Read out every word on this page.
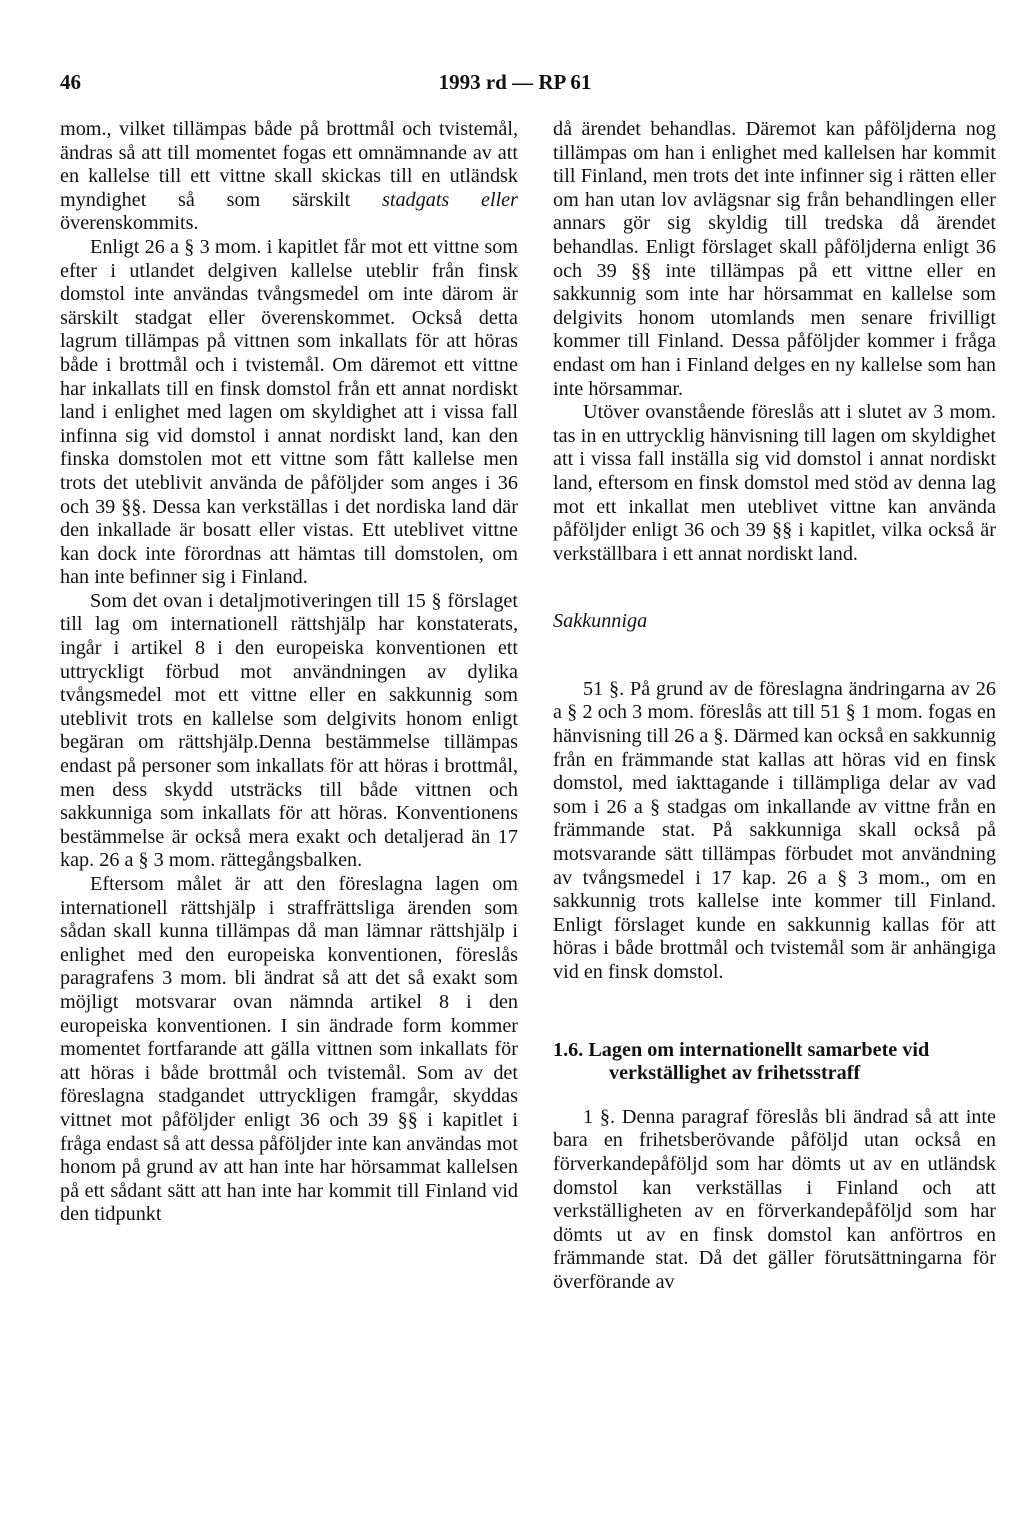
46	1993 rd — RP 61

mom., vilket tillämpas både på brottmål och tvistemål, ändras så att till momentet fogas ett omnämnande av att en kallelse till ett vittne skall skickas till en utländsk myndighet så som särskilt stadgats eller överenskommits.

Enligt 26 a § 3 mom. i kapitlet får mot ett vittne som efter i utlandet delgiven kallelse uteblir från finsk domstol inte användas tvångsmedel om inte därom är särskilt stadgat eller överenskommet. Också detta lagrum tillämpas på vittnen som inkallats för att höras både i brottmål och i tvistemål. Om däremot ett vittne har inkallats till en finsk domstol från ett annat nordiskt land i enlighet med lagen om skyldighet att i vissa fall infinna sig vid domstol i annat nordiskt land, kan den finska domstolen mot ett vittne som fått kallelse men trots det uteblivit använda de påföljder som anges i 36 och 39 §§. Dessa kan verkställas i det nordiska land där den inkallade är bosatt eller vistas. Ett uteblivet vittne kan dock inte förordnas att hämtas till domstolen, om han inte befinner sig i Finland.

Som det ovan i detaljmotiveringen till 15 § förslaget till lag om internationell rättshjälp har konstaterats, ingår i artikel 8 i den europeiska konventionen ett uttryckligt förbud mot användningen av dylika tvångsmedel mot ett vittne eller en sakkunnig som uteblivit trots en kallelse som delgivits honom enligt begäran om rättshjälp.Denna bestämmelse tillämpas endast på personer som inkallats för att höras i brottmål, men dess skydd utsträcks till både vittnen och sakkunniga som inkallats för att höras. Konventionens bestämmelse är också mera exakt och detaljerad än 17 kap. 26 a § 3 mom. rättegångsbalken.

Eftersom målet är att den föreslagna lagen om internationell rättshjälp i straffrättsliga ärenden som sådan skall kunna tillämpas då man lämnar rättshjälp i enlighet med den europeiska konventionen, föreslås paragrafens 3 mom. bli ändrat så att det så exakt som möjligt motsvarar ovan nämnda artikel 8 i den europeiska konventionen. I sin ändrade form kommer momentet fortfarande att gälla vittnen som inkallats för att höras i både brottmål och tvistemål. Som av det föreslagna stadgandet uttryckligen framgår, skyddas vittnet mot påföljder enligt 36 och 39 §§ i kapitlet i fråga endast så att dessa påföljder inte kan användas mot honom på grund av att han inte har hörsammat kallelsen på ett sådant sätt att han inte har kommit till Finland vid den tidpunkt

då ärendet behandlas. Däremot kan påföljderna nog tillämpas om han i enlighet med kallelsen har kommit till Finland, men trots det inte infinner sig i rätten eller om han utan lov avlägsnar sig från behandlingen eller annars gör sig skyldig till tredska då ärendet behandlas. Enligt förslaget skall påföljderna enligt 36 och 39 §§ inte tillämpas på ett vittne eller en sakkunnig som inte har hörsammat en kallelse som delgivits honom utomlands men senare frivilligt kommer till Finland. Dessa påföljder kommer i fråga endast om han i Finland delges en ny kallelse som han inte hörsammar.

Utöver ovanstående föreslås att i slutet av 3 mom. tas in en uttrycklig hänvisning till lagen om skyldighet att i vissa fall inställa sig vid domstol i annat nordiskt land, eftersom en finsk domstol med stöd av denna lag mot ett inkallat men uteblivet vittne kan använda påföljder enligt 36 och 39 §§ i kapitlet, vilka också är verkställbara i ett annat nordiskt land.

Sakkunniga

51 §. På grund av de föreslagna ändringarna av 26 a § 2 och 3 mom. föreslås att till 51 § 1 mom. fogas en hänvisning till 26 a §. Därmed kan också en sakkunnig från en främmande stat kallas att höras vid en finsk domstol, med iakttagande i tillämpliga delar av vad som i 26 a § stadgas om inkallande av vittne från en främmande stat. På sakkunniga skall också på motsvarande sätt tillämpas förbudet mot användning av tvångsmedel i 17 kap. 26 a § 3 mom., om en sakkunnig trots kallelse inte kommer till Finland. Enligt förslaget kunde en sakkunnig kallas för att höras i både brottmål och tvistemål som är anhängiga vid en finsk domstol.

1.6. Lagen om internationellt samarbete vid verkställighet av frihetsstraff

1 §. Denna paragraf föreslås bli ändrad så att inte bara en frihetsberövande påföljd utan också en förverkandepåföljd som har dömts ut av en utländsk domstol kan verkställas i Finland och att verkställigheten av en förverkandepåföljd som har dömts ut av en finsk domstol kan anförtros en främmande stat. Då det gäller förutsättningarna för överförande av
